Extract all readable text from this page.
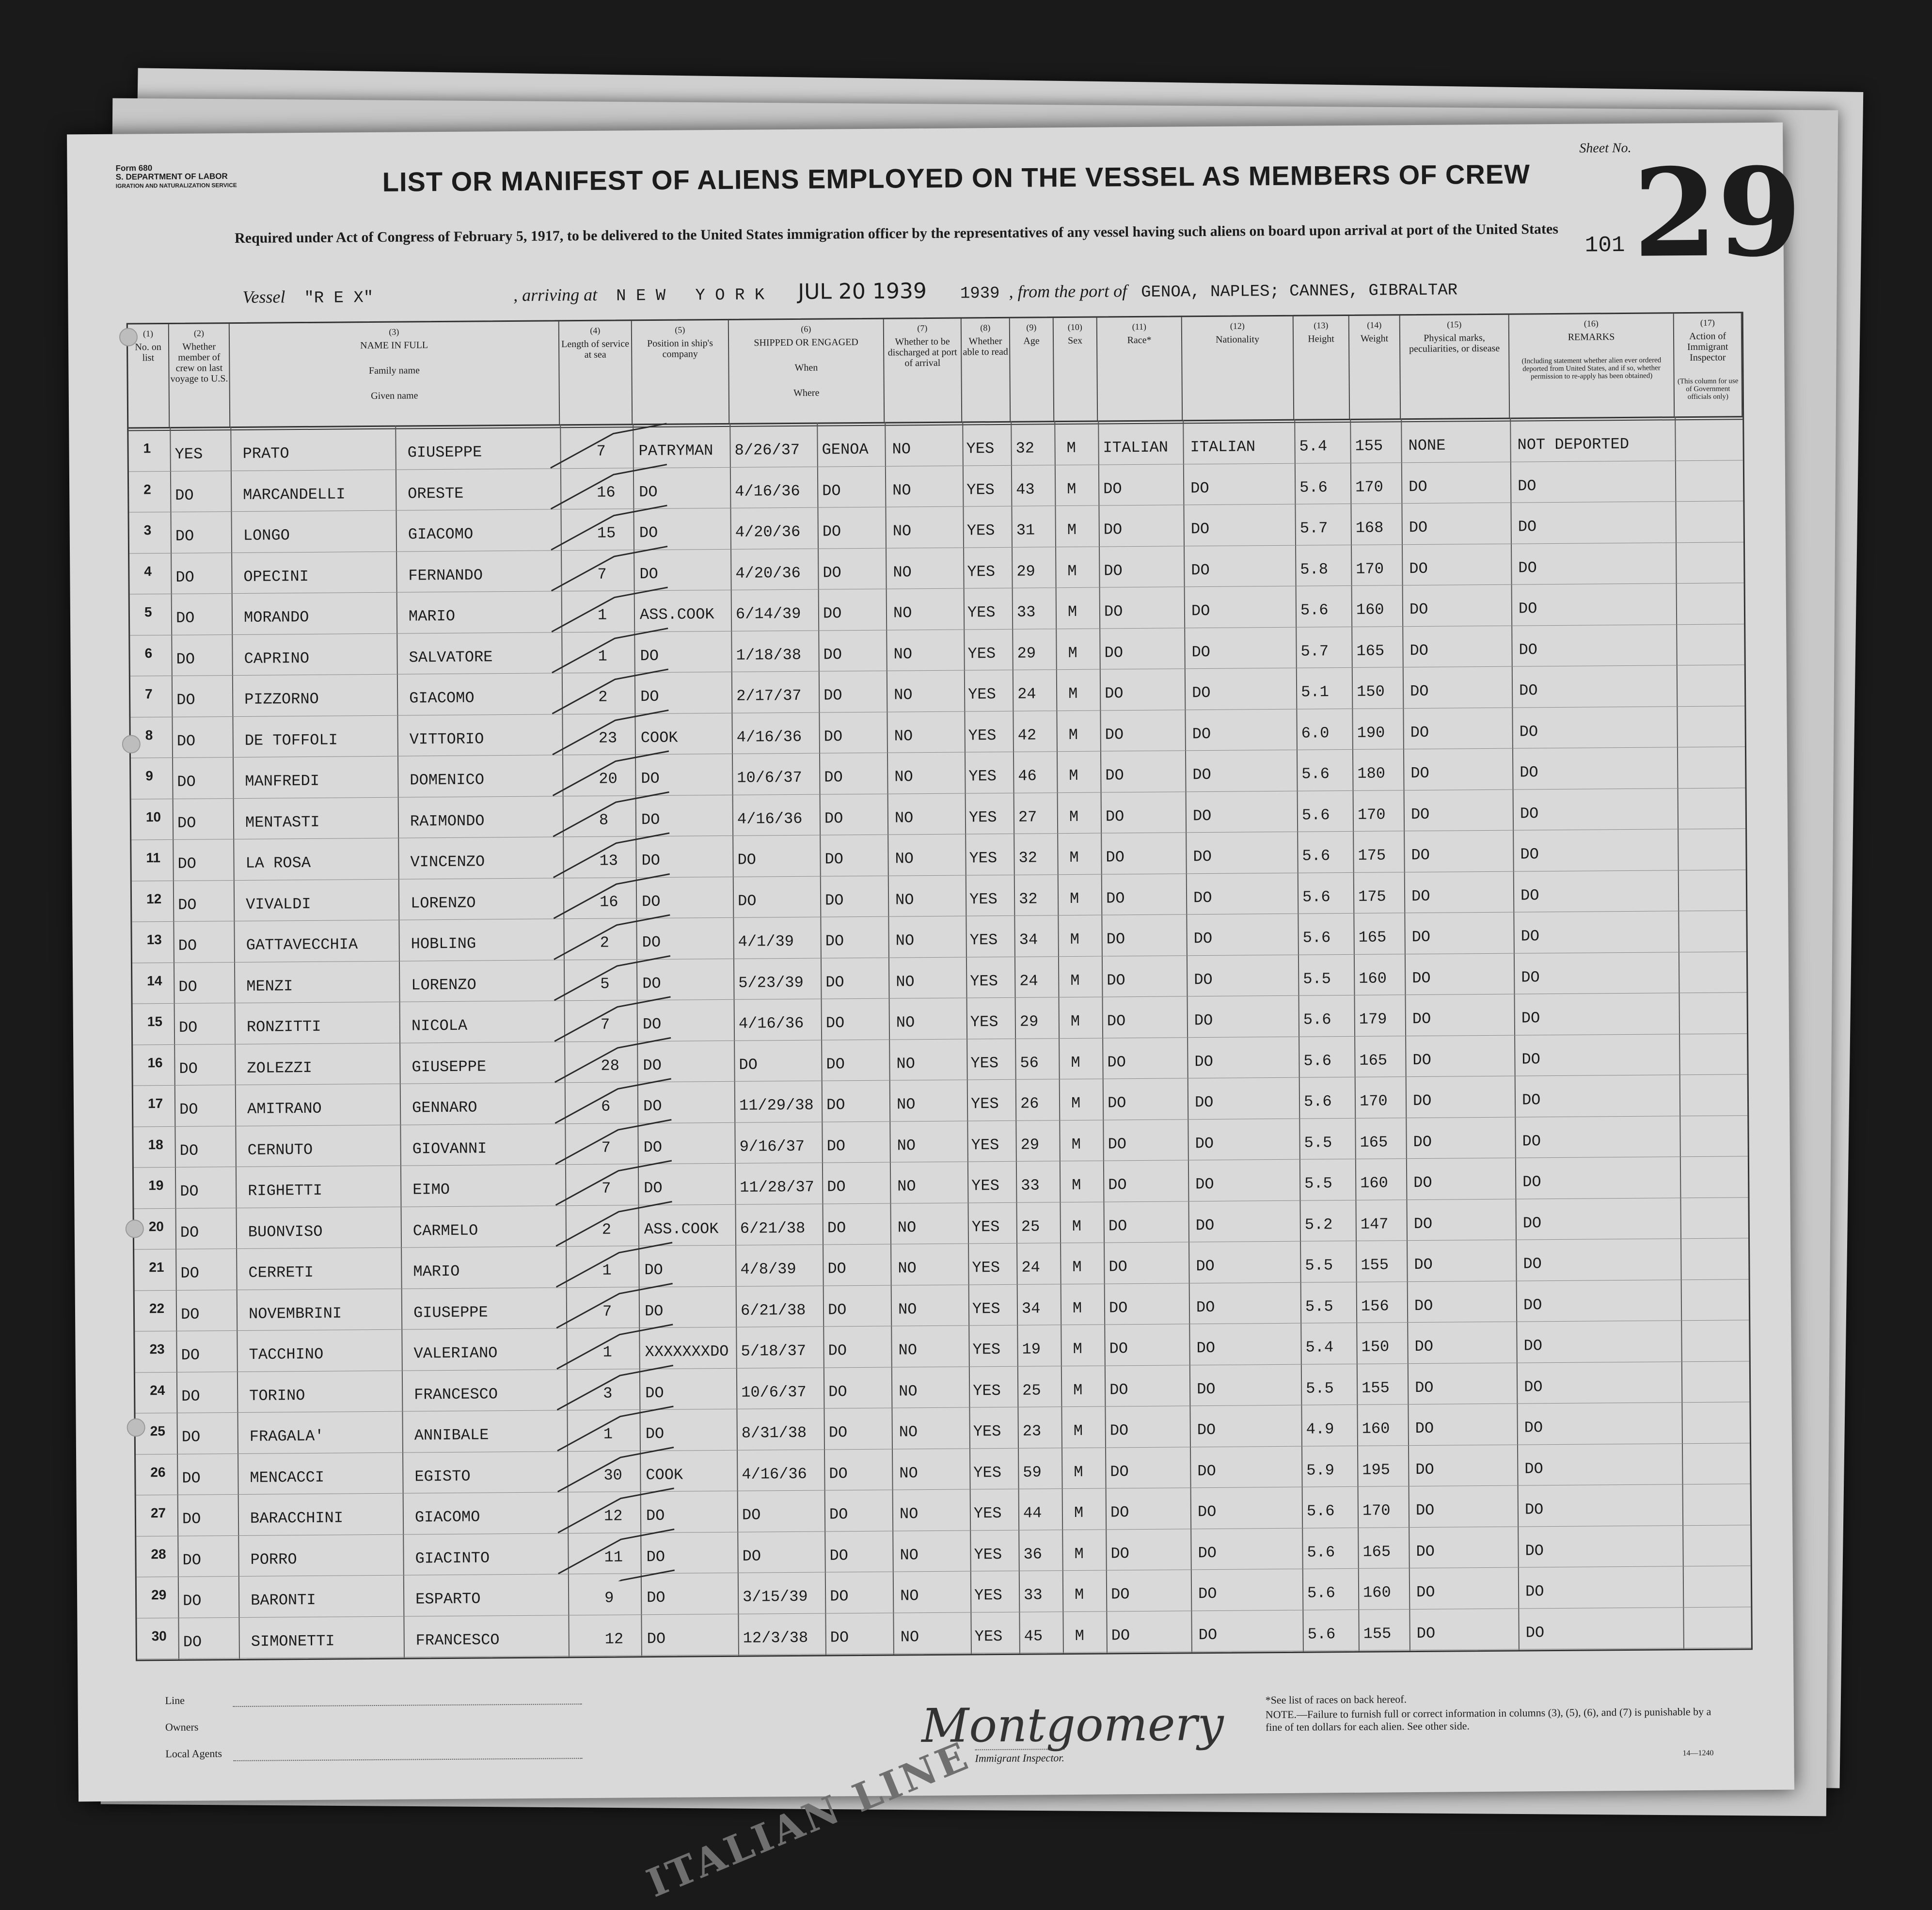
Form 680
S. DEPARTMENT OF LABOR
IGRATION AND NATURALIZATION SERVICE	LIST OR MANIFEST OF ALIENS EMPLOYED ON THE VESSEL AS MEMBERS OF CREW
Required under Act of Congress of February 5, 1917, to be delivered to the United States immigration officer by the representatives of any vessel having such aliens on board upon arrival at port of the United States
Sheet No. 29
101
Vessel "R E X"	, arriving at N E W   Y O R K JUL 20 1939 1939 , from the port of GENOA, NAPLES; CANNES, GIBRALTAR
(1)
No. on list
(2)
Whether member of crew on last voyage to U.S.
(3)
NAME IN FULL
Family name
Given name
(4)
Length of service at sea
(5)
Position in ship's company
(6)
SHIPPED OR ENGAGED
When
Where
(7)
Whether to be discharged at port of arrival
(8)
Whether able to read
(9)
Age
(10)
Sex
(11)
Race*
(12)
Nationality
(13)
Height
(14)
Weight
(15)
Physical marks, peculiarities, or disease
(16)
REMARKS
(Including statement whether alien ever ordered deported from United States, and if so, whether permission to re-apply has been obtained)
(17)
Action of Immigrant Inspector
(This column for use of Government officials only)
1 YES	PRATO	GIUSEPPE	7 PATRYMAN 8/26/37 GENOA NO	YES 32 M ITALIAN ITALIAN	5.4 155 NONE	NOT DEPORTED
2 DO	MARCANDELLI	ORESTE	16 DO	4/16/36 DO	NO	YES 43 M DO	DO	5.6 170 DO	DO
3 DO	LONGO	GIACOMO	15 DO	4/20/36 DO	NO	YES 31 M DO	DO	5.7 168 DO	DO
4 DO	OPECINI	FERNANDO	7 DO	4/20/36 DO	NO	YES 29 M DO	DO	5.8 170 DO	DO
5 DO	MORANDO	MARIO	1 ASS.COOK 6/14/39 DO	NO	YES 33 M DO	DO	5.6 160 DO	DO
6 DO	CAPRINO	SALVATORE	1 DO	1/18/38 DO	NO	YES 29 M DO	DO	5.7 165 DO	DO
7 DO	PIZZORNO	GIACOMO	2 DO	2/17/37 DO	NO	YES 24 M DO	DO	5.1 150 DO	DO
8 DO	DE TOFFOLI	VITTORIO	23 COOK	4/16/36 DO	NO	YES 42 M DO	DO	6.0 190 DO	DO
9 DO	MANFREDI	DOMENICO	20 DO	10/6/37 DO	NO	YES 46 M DO	DO	5.6 180 DO	DO
10 DO	MENTASTI	RAIMONDO	8 DO	4/16/36 DO	NO	YES 27 M DO	DO	5.6 170 DO	DO
11 DO	LA ROSA	VINCENZO	13 DO	DO	DO	NO	YES 32 M DO	DO	5.6 175 DO	DO
12 DO	VIVALDI	LORENZO	16 DO	DO	DO	NO	YES 32 M DO	DO	5.6 175 DO	DO
13 DO	GATTAVECCHIA	HOBLING	2 DO	4/1/39 DO	NO	YES 34 M DO	DO	5.6 165 DO	DO
14 DO	MENZI	LORENZO	5 DO	5/23/39 DO	NO	YES 24 M DO	DO	5.5 160 DO	DO
15 DO	RONZITTI	NICOLA	7 DO	4/16/36 DO	NO	YES 29 M DO	DO	5.6 179 DO	DO
16 DO	ZOLEZZI	GIUSEPPE	28 DO	DO	DO	NO	YES 56 M DO	DO	5.6 165 DO	DO
17 DO	AMITRANO	GENNARO	6 DO	11/29/38 DO	NO	YES 26 M DO	DO	5.6 170 DO	DO
18 DO	CERNUTO	GIOVANNI	7 DO	9/16/37 DO	NO	YES 29 M DO	DO	5.5 165 DO	DO
19 DO	RIGHETTI	EIMO	7 DO	11/28/37 DO	NO	YES 33 M DO	DO	5.5 160 DO	DO
20 DO	BUONVISO	CARMELO	2 ASS.COOK 6/21/38 DO	NO	YES 25 M DO	DO	5.2 147 DO	DO
21 DO	CERRETI	MARIO	1 DO	4/8/39 DO	NO	YES 24 M DO	DO	5.5 155 DO	DO
22 DO	NOVEMBRINI	GIUSEPPE	7 DO	6/21/38 DO	NO	YES 34 M DO	DO	5.5 156 DO	DO
23 DO	TACCHINO	VALERIANO	1 XXXXXXXDO 5/18/37 DO	NO	YES 19 M DO	DO	5.4 150 DO	DO
24 DO	TORINO	FRANCESCO	3 DO	10/6/37 DO	NO	YES 25 M DO	DO	5.5 155 DO	DO
25 DO	FRAGALA'	ANNIBALE	1 DO	8/31/38 DO	NO	YES 23 M DO	DO	4.9 160 DO	DO
26 DO	MENCACCI	EGISTO	30 COOK	4/16/36 DO	NO	YES 59 M DO	DO	5.9 195 DO	DO
27 DO	BARACCHINI	GIACOMO	12 DO	DO	DO	NO	YES 44 M DO	DO	5.6 170 DO	DO
28 DO	PORRO	GIACINTO	11 DO	DO	DO	NO	YES 36 M DO	DO	5.6 165 DO	DO
29 DO	BARONTI	ESPARTO	9 DO	3/15/39 DO	NO	YES 33 M DO	DO	5.6 160 DO	DO
30 DO	SIMONETTI	FRANCESCO	12 DO	12/3/38 DO	NO	YES 45 M DO	DO	5.6 155 DO	DO
Line
Owners
Local Agents	ITALIAN LINE
Montgomery
Immigrant Inspector.
*See list of races on back hereof.
NOTE.—Failure to furnish full or correct information in columns (3), (5), (6), and (7) is punishable by a fine of ten dollars for each alien. See other side.
14—1240
